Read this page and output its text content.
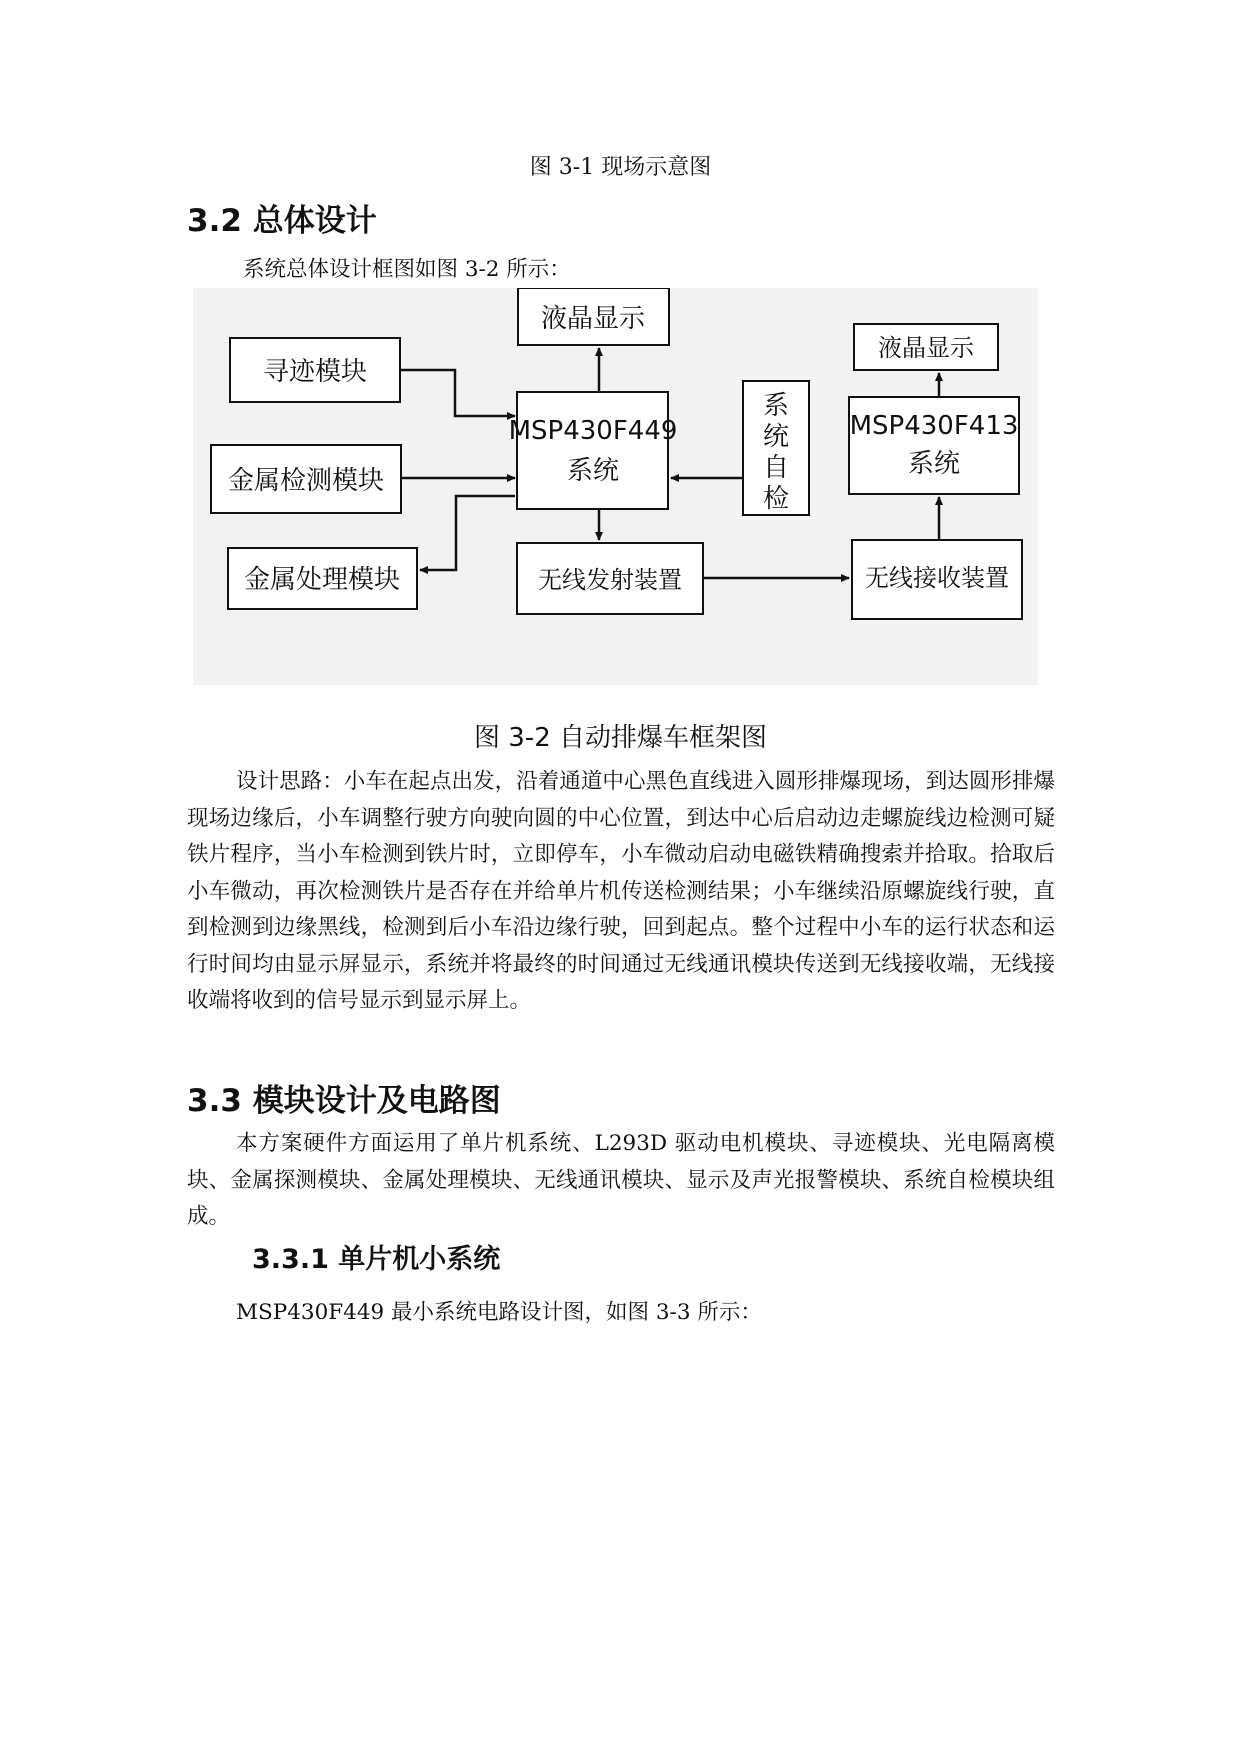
图 3-1 现场示意图
3.2 总体设计
系统总体设计框图如图 3-2 所示：
寻迹模块
金属检测模块
金属处理模块
液晶显示
MSP430F449
系统
系
统
自
检
无线发射装置	无线接收装置
液晶显示
MSP430F413
系统
图 3-2 自动排爆车框架图
设计思路：小车在起点出发，沿着通道中心黑色直线进入圆形排爆现场，到达圆形排爆现场边缘后，小车调整行驶方向驶向圆的中心位置，到达中心后启动边走螺旋线边检测可疑铁片程序，当小车检测到铁片时，立即停车，小车微动启动电磁铁精确搜索并拾取。拾取后小车微动，再次检测铁片是否存在并给单片机传送检测结果；小车继续沿原螺旋线行驶，直到检测到边缘黑线，检测到后小车沿边缘行驶，回到起点。整个过程中小车的运行状态和运行时间均由显示屏显示，系统并将最终的时间通过无线通讯模块传送到无线接收端，无线接收端将收到的信号显示到显示屏上。
3.3 模块设计及电路图
本方案硬件方面运用了单片机系统、L293D 驱动电机模块、寻迹模块、光电隔离模块、金属探测模块、金属处理模块、无线通讯模块、显示及声光报警模块、系统自检模块组成。
3.3.1 单片机小系统
MSP430F449 最小系统电路设计图，如图 3-3 所示：
